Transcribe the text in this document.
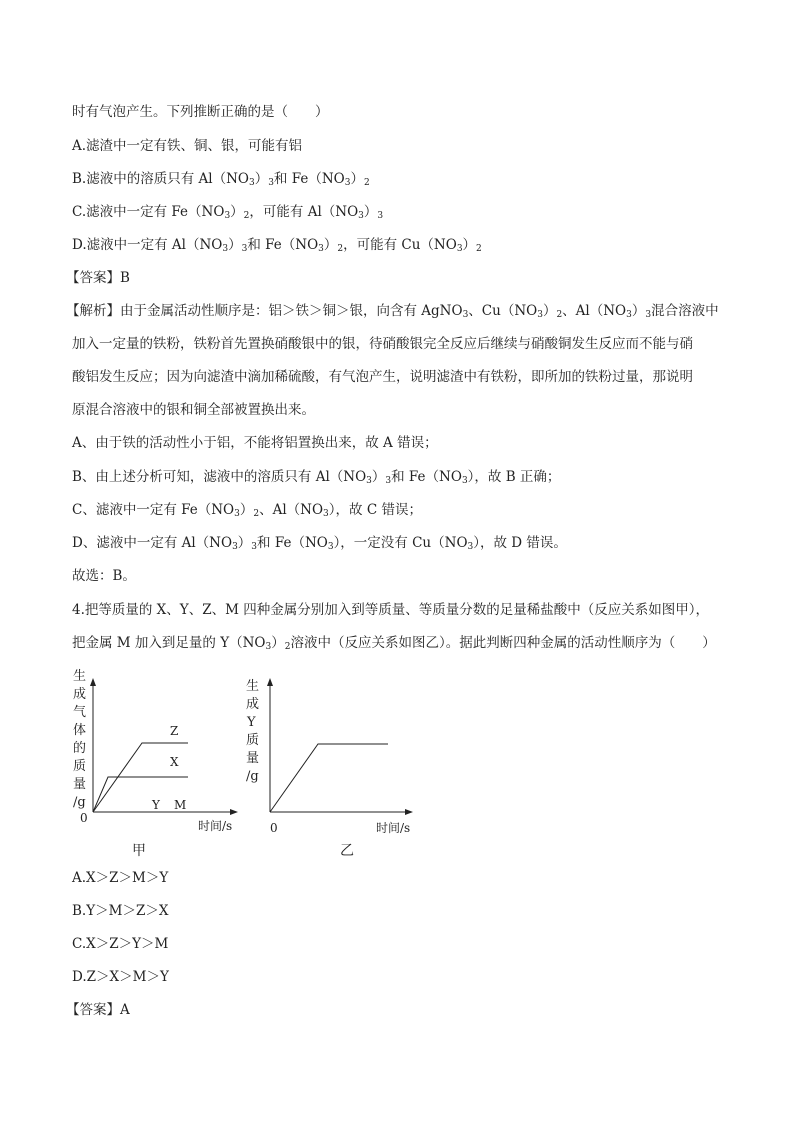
时有气泡产生。下列推断正确的是（　　）
A.滤渣中一定有铁、铜、银，可能有铝
B.滤液中的溶质只有 $Al(NO_3)_3$和 $Fe(NO_3)_2$
C.滤液中一定有 $Fe(NO_3)_2$，可能有 $Al(NO_3)_3$
D.滤液中一定有 $Al(NO_3)_3$和 $Fe(NO_3)_2$，可能有 $Cu(NO_3)_2$
【答案】B
【解析】由于金属活动性顺序是：铝＞铁＞铜＞银，向含有 AgNO$_3$、$Cu(NO_3)_2$、$Al(NO_3)_3$混合溶液中
加入一定量的铁粉，铁粉首先置换硝酸银中的银，待硝酸银完全反应后继续与硝酸铜发生反应而不能与硝
酸铝发生反应；因为向滤渣中滴加稀硫酸，有气泡产生，说明滤渣中有铁粉，即所加的铁粉过量，那说明
原混合溶液中的银和铜全部被置换出来。
A、由于铁的活动性小于铝，不能将铝置换出来，故 A 错误；
B、由上述分析可知，滤液中的溶质只有 $Al(NO_3)_3$和 $Fe(NO_3)$，故 B 正确；
C、滤液中一定有 $Fe(NO_3)_2$、$Al(NO_3)$，故 C 错误；
D、滤液中一定有 $Al(NO_3)_3$和 $Fe(NO_3)$，一定没有 $Cu(NO_3)$，故 D 错误。
故选：B。
4.把等质量的 X、Y、Z、M 四种金属分别加入到等质量、等质量分数的足量稀盐酸中（反应关系如图甲），
把金属 M 加入到足量的 $Y(NO_3)_2$溶液中（反应关系如图乙）。据此判断四种金属的活动性顺序为（　　）
生
成
气
体
的
质
量
/g
0
时间/s
Z
X
Y M
甲
生
成
Y
质
量
/g
0	时间/s
乙
A.X＞Z＞M＞Y
B.Y＞M＞Z＞X
C.X＞Z＞Y＞M
D.Z＞X＞M＞Y
【答案】A
